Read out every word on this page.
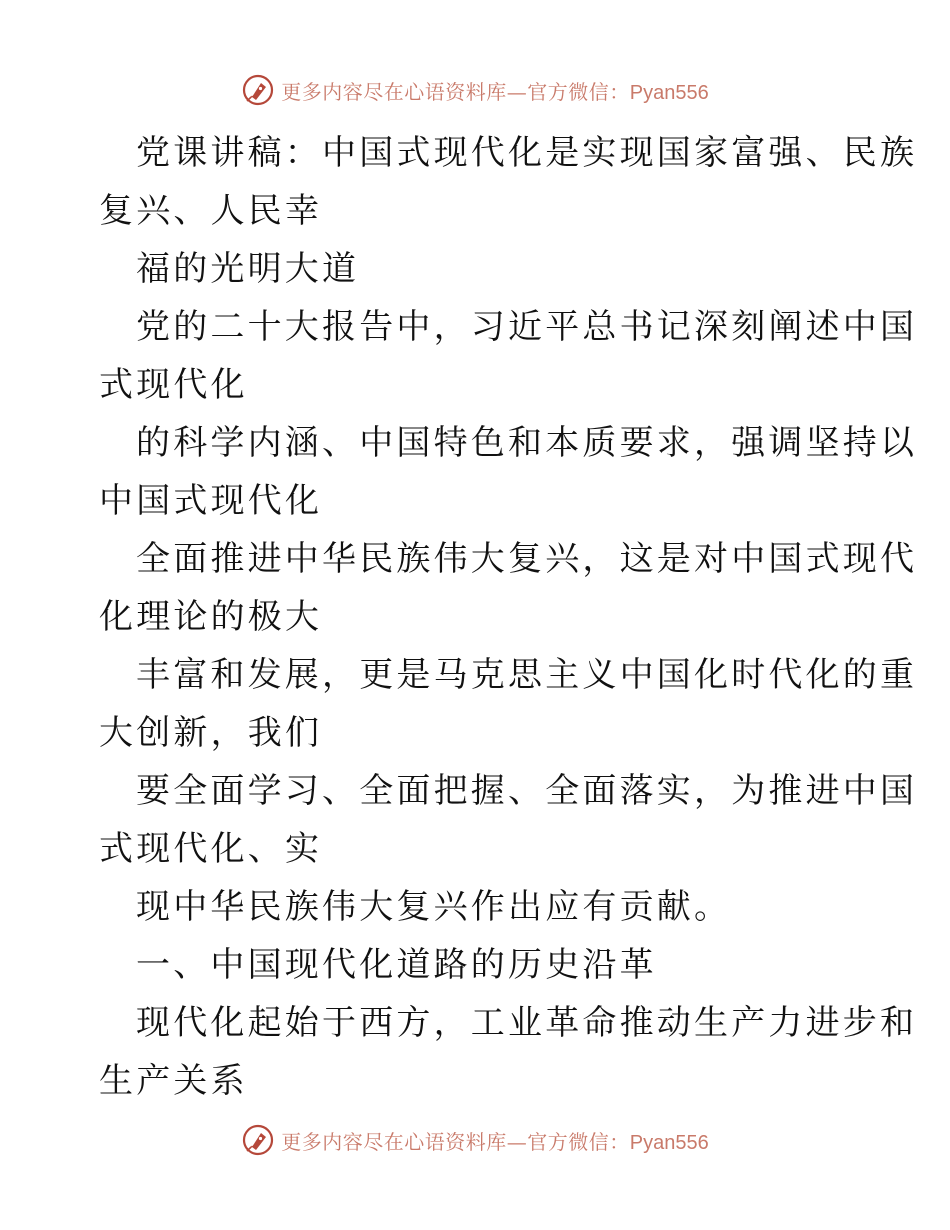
更多内容尽在心语资料库—官方微信：Pyan556
党课讲稿：中国式现代化是实现国家富强、民族
复兴、人民幸
福的光明大道
党的二十大报告中，习近平总书记深刻阐述中国
式现代化
的科学内涵、中国特色和本质要求，强调坚持以
中国式现代化
全面推进中华民族伟大复兴，这是对中国式现代
化理论的极大
丰富和发展，更是马克思主义中国化时代化的重
大创新，我们
要全面学习、全面把握、全面落实，为推进中国
式现代化、实
现中华民族伟大复兴作出应有贡献。
一、中国现代化道路的历史沿革
现代化起始于西方，工业革命推动生产力进步和
生产关系
更多内容尽在心语资料库—官方微信：Pyan556
